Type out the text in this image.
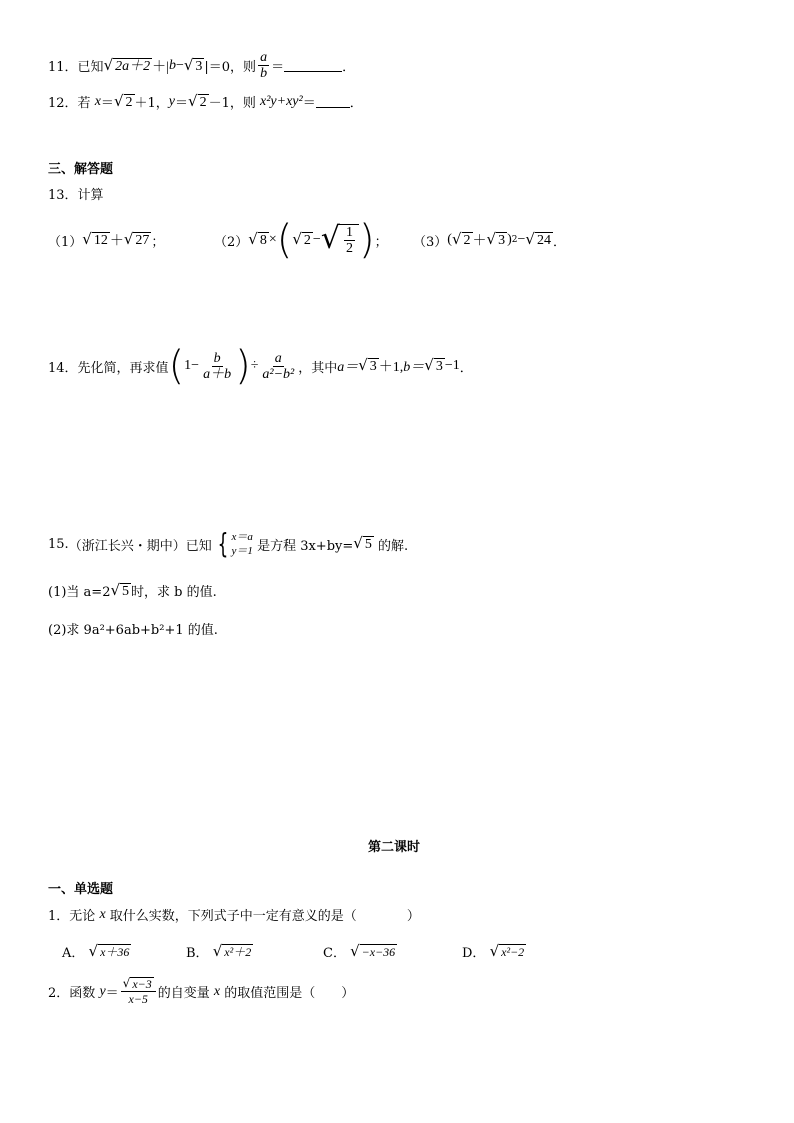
11． 已知 √ 2a＋2 ＋| b − √ 3 |＝0，则
a
b ＝	．
12． 若
x ＝ √ 2 ＋1， y ＝ √ 2 －1，则
x²y+xy² ＝	．
三、解答题
13． 计算
（1） √ 12 ＋ √ 27 ；	（2） √ 8 × ( √ 2 − √ $\frac{1}{2}$ ) ； （3） ( √ 2 ＋ √ 3 ) 2 − √ 24 ．
14． 先化简，再求值 ( $1- \frac{b}{a+b}$ ) ÷ $\frac{a}{\text{a²−b²}}$ ，其中 a＝ √ 3 ＋1, b＝ √ 3 −1 ．
15. （浙江长兴・期中）已知 { x＝a
y＝1
是方程 3x+by= √ 5
的解.
(1)当 a=2 √ 5 时，求 b 的值.
(2)求 9a²+6ab+b²+1 的值.
第二课时
一、单选题
1． 无论
x
取什么实数，下列式子中一定有意义的是（	）
A．
√ x＋36	B．
√ x²＋2	C．
√ −x−36	D．
√ x²−2
2． 函数
y ＝
√ x−3
x−5 的自变量
x
的取值范围是（ ）
